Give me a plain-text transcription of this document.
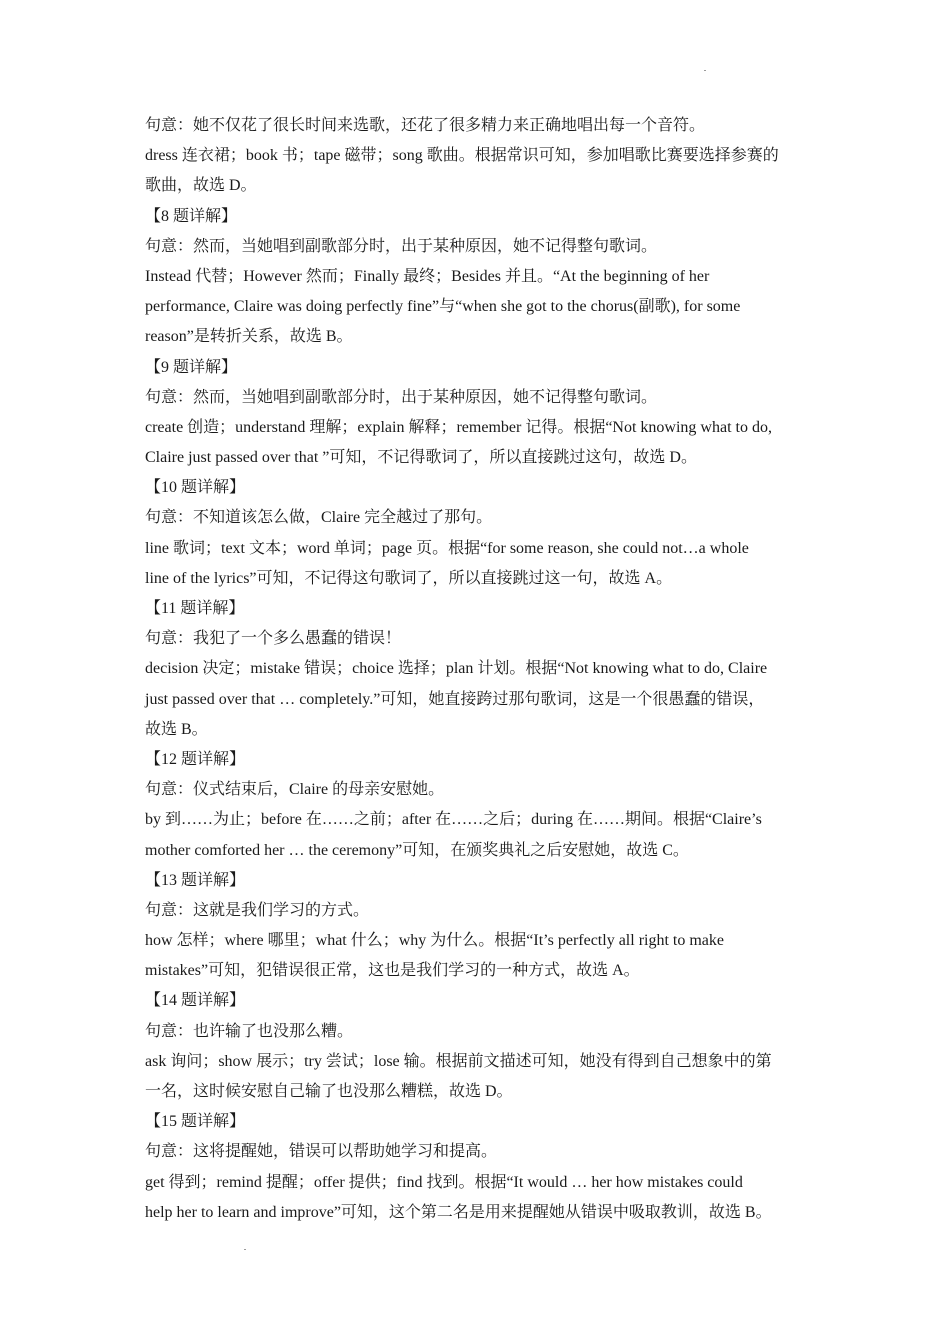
句意：她不仅花了很长时间来选歌，还花了很多精力来正确地唱出每一个音符。
dress 连衣裙；book 书；tape 磁带；song 歌曲。根据常识可知，参加唱歌比赛要选择参赛的
歌曲，故选 D。
【8 题详解】
句意：然而，当她唱到副歌部分时，出于某种原因，她不记得整句歌词。
Instead 代替；However 然而；Finally 最终；Besides 并且。“At the beginning of her
performance, Claire was doing perfectly fine”与“when she got to the chorus(副歌), for some
reason”是转折关系，故选 B。
【9 题详解】
句意：然而，当她唱到副歌部分时，出于某种原因，她不记得整句歌词。
create 创造；understand 理解；explain 解释；remember 记得。根据“Not knowing what to do,
Claire just passed over that ”可知，不记得歌词了，所以直接跳过这句，故选 D。
【10 题详解】
句意：不知道该怎么做，Claire 完全越过了那句。
line 歌词；text 文本；word 单词；page 页。根据“for some reason, she could not…a whole
line of the lyrics”可知，不记得这句歌词了，所以直接跳过这一句，故选 A。
【11 题详解】
句意：我犯了一个多么愚蠢的错误！
decision 决定；mistake 错误；choice 选择；plan 计划。根据“Not knowing what to do, Claire
just passed over that … completely.”可知，她直接跨过那句歌词，这是一个很愚蠢的错误，
故选 B。
【12 题详解】
句意：仪式结束后，Claire 的母亲安慰她。
by 到……为止；before 在……之前；after 在……之后；during 在……期间。根据“Claire’s
mother comforted her … the ceremony”可知，在颁奖典礼之后安慰她，故选 C。
【13 题详解】
句意：这就是我们学习的方式。
how 怎样；where 哪里；what 什么；why 为什么。根据“It’s perfectly all right to make
mistakes”可知，犯错误很正常，这也是我们学习的一种方式，故选 A。
【14 题详解】
句意：也许输了也没那么糟。
ask 询问；show 展示；try 尝试；lose 输。根据前文描述可知，她没有得到自己想象中的第
一名，这时候安慰自己输了也没那么糟糕，故选 D。
【15 题详解】
句意：这将提醒她，错误可以帮助她学习和提高。
get 得到；remind 提醒；offer 提供；find 找到。根据“It would … her how mistakes could
help her to learn and improve”可知，这个第二名是用来提醒她从错误中吸取教训，故选 B。
